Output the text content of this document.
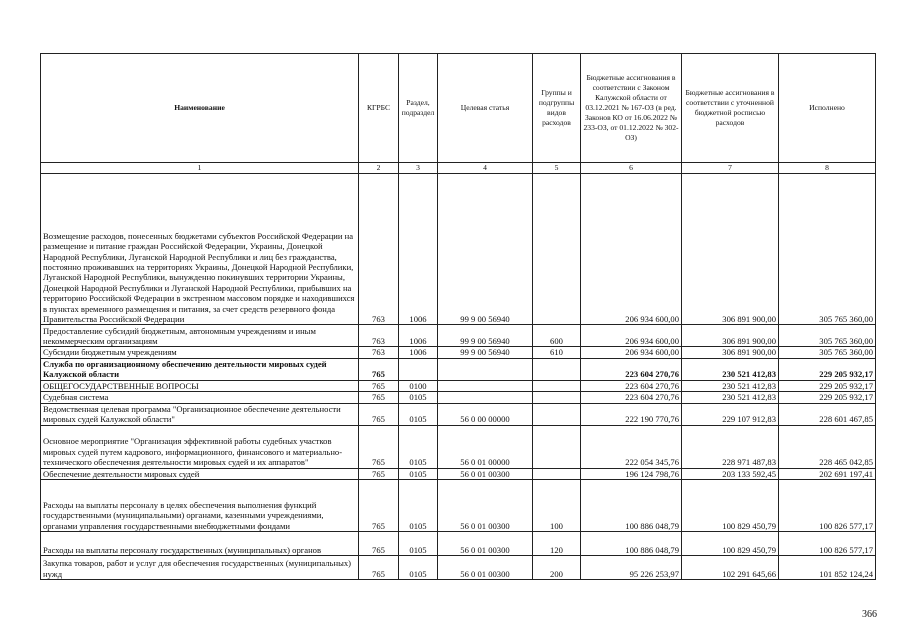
Наименование	КГРБС	Раздел, подраздел	Целевая статья	Группы и подгруппы видов расходов	Бюджетные ассигнования в соответствии с Законом Калужской области от 03.12.2021 № 167-ОЗ (в ред. Законов КО от 16.06.2022 № 233-ОЗ, от 01.12.2022 № 302-ОЗ)	Бюджетные ассигнования в соответствии с уточненной бюджетной росписью расходов	Исполнено
1	2	3	4	5	6	7	8
Возмещение расходов, понесенных бюджетами субъектов Российской Федерации на размещение и питание граждан Российской Федерации, Украины, Донецкой Народной Республики, Луганской Народной Республики и лиц без гражданства, постоянно проживавших на территориях Украины, Донецкой Народной Республики, Луганской Народной Республики, вынужденно покинувших территории Украины, Донецкой Народной Республики и Луганской Народной Республики, прибывших на территорию Российской Федерации в экстренном массовом порядке и находившихся в пунктах временного размещения и питания, за счет средств резервного фонда Правительства Российской Федерации	763	1006	99 9 00 56940		206 934 600,00	306 891 900,00	305 765 360,00
Предоставление субсидий бюджетным, автономным учреждениям и иным некоммерческим организациям	763	1006	99 9 00 56940	600	206 934 600,00	306 891 900,00	305 765 360,00
Субсидии бюджетным учреждениям	763	1006	99 9 00 56940	610	206 934 600,00	306 891 900,00	305 765 360,00
Служба по организационному обеспечению деятельности мировых судей Калужской области	765				223 604 270,76	230 521 412,83	229 205 932,17
ОБЩЕГОСУДАРСТВЕННЫЕ ВОПРОСЫ	765	0100			223 604 270,76	230 521 412,83	229 205 932,17
Судебная система	765	0105			223 604 270,76	230 521 412,83	229 205 932,17
Ведомственная целевая программа "Организационное обеспечение деятельности мировых судей Калужской области"	765	0105	56 0 00 00000		222 190 770,76	229 107 912,83	228 601 467,85
Основное мероприятие "Организация эффективной работы судебных участков мировых судей путем кадрового, информационного, финансового и материально-технического обеспечения деятельности мировых судей и их аппаратов"	765	0105	56 0 01 00000		222 054 345,76	228 971 487,83	228 465 042,85
Обеспечение деятельности мировых судей	765	0105	56 0 01 00300		196 124 798,76	203 133 592,45	202 691 197,41
Расходы на выплаты персоналу в целях обеспечения выполнения функций государственными (муниципальными) органами, казенными учреждениями, органами управления государственными внебюджетными фондами	765	0105	56 0 01 00300	100	100 886 048,79	100 829 450,79	100 826 577,17
Расходы на выплаты персоналу государственных (муниципальных) органов	765	0105	56 0 01 00300	120	100 886 048,79	100 829 450,79	100 826 577,17
Закупка товаров, работ и услуг для обеспечения государственных (муниципальных) нужд	765	0105	56 0 01 00300	200	95 226 253,97	102 291 645,66	101 852 124,24
366
